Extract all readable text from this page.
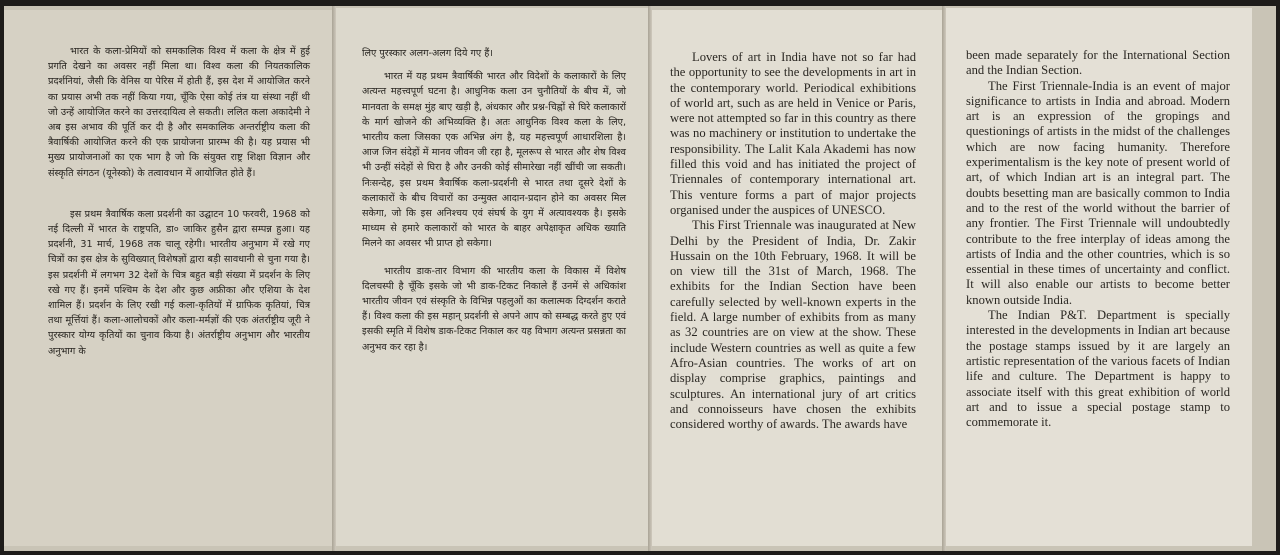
भारत के कला-प्रेमियों को समकालिक विश्व में कला के क्षेत्र में हुई प्रगति देखने का अवसर नहीं मिला था। विश्व कला की नियतकालिक प्रदर्शनियां, जैसी कि वेनिस या पेरिस में होती हैं, इस देश में आयोजित करने का प्रयास अभी तक नहीं किया गया, चूँकि ऐसा कोई तंत्र या संस्था नहीं थी जो उन्हें आयोजित करने का उत्तरदायित्व ले सकती। ललित कला अकादेमी ने अब इस अभाव की पूर्ति कर दी है और समकालिक अन्तर्राष्ट्रीय कला की त्रैवार्षिकी आयोजित करने की एक प्रायोजना प्रारम्भ की है। यह प्रयास भी मुख्य प्रायोजनाओं का एक भाग है जो कि संयुक्त राष्ट्र शिक्षा विज्ञान और संस्कृति संगठन (यूनेस्को) के तत्वावधान में आयोजित होते हैं।

इस प्रथम त्रैवार्षिक कला प्रदर्शनी का उद्घाटन 10 फरवरी, 1968 को नई दिल्ली में भारत के राष्ट्रपति, डा० जाकिर हुसैन द्वारा सम्पन्न हुआ। यह प्रदर्शनी, 31 मार्च, 1968 तक चालू रहेगी। भारतीय अनुभाग में रखे गए चित्रों का इस क्षेत्र के सुविख्यात् विशेषज्ञों द्वारा बड़ी सावधानी से चुना गया है। इस प्रदर्शनी में लगभग 32 देशों के चित्र बहुत बड़ी संख्या में प्रदर्शन के लिए रखे गए हैं। इनमें पश्चिम के देश और कुछ अफ्रीका और एशिया के देश शामिल हैं। प्रदर्शन के लिए रखी गई कला-कृतियों में ग्राफिक कृतियां, चित्र तथा मूर्त्तियां हैं। कला-आलोचकों और कला-मर्मज्ञों की एक अंतर्राष्ट्रीय जूरी ने पुरस्कार योग्य कृतियों का चुनाव किया है। अंतर्राष्ट्रीय अनुभाग और भारतीय अनुभाग के

लिए पुरस्कार अलग-अलग दिये गए हैं।

भारत में यह प्रथम त्रैवार्षिकी भारत और विदेशों के कलाकारों के लिए अत्यन्त महत्त्वपूर्ण घटना है। आधुनिक कला उन चुनौतियों के बीच में, जो मानवता के समक्ष मुंह बाए खड़ी है, अंधकार और प्रश्न-चिह्नों से घिरे कलाकारों के मार्ग खोजने की अभिव्यक्ति है। अतः आधुनिक विश्व कला के लिए, भारतीय कला जिसका एक अभिन्न अंग है, यह महत्त्वपूर्ण आधारशिला है। आज जिन संदेहों में मानव जीवन जी रहा है, मूलरूप से भारत और शेष विश्व भी उन्हीं संदेहों से घिरा है और उनकी कोई सीमारेखा नहीं खींची जा सकती। निःसन्देह, इस प्रथम त्रैवार्षिक कला-प्रदर्शनी से भारत तथा दूसरे देशों के कलाकारों के बीच विचारों का उन्मुक्त आदान-प्रदान होने का अवसर मिल सकेगा, जो कि इस अनिश्चय एवं संघर्ष के युग में अत्यावश्यक है। इसके माध्यम से हमारे कलाकारों को भारत के बाहर अपेक्षाकृत अधिक ख्याति मिलने का अवसर भी प्राप्त हो सकेगा।

भारतीय डाक-तार विभाग की भारतीय कला के विकास में विशेष दिलचस्पी है चूँकि इसके जो भी डाक-टिकट निकाले हैं उनमें से अधिकांश भारतीय जीवन एवं संस्कृति के विभिन्न पहलुओं का कलात्मक दिग्दर्शन कराते हैं। विश्व कला की इस महान् प्रदर्शनी से अपने आप को सम्बद्ध करते हुए एवं इसकी स्मृति में विशेष डाक-टिकट निकाल कर यह विभाग अत्यन्त प्रसन्नता का अनुभव कर रहा है।

Lovers of art in India have not so far had the opportunity to see the developments in art in the contemporary world. Periodical exhibitions of world art, such as are held in Venice or Paris, were not attempted so far in this country as there was no machinery or institution to undertake the responsibility. The Lalit Kala Akademi has now filled this void and has initiated the project of Triennales of contemporary international art. This venture forms a part of major projects organised under the auspices of UNESCO.

This First Triennale was inaugurated at New Delhi by the President of India, Dr. Zakir Hussain on the 10th February, 1968. It will be on view till the 31st of March, 1968. The exhibits for the Indian Section have been carefully selected by well-known experts in the field. A large number of exhibits from as many as 32 countries are on view at the show. These include Western countries as well as quite a few Afro-Asian countries. The works of art on display comprise graphics, paintings and sculptures. An international jury of art critics and connoisseurs have chosen the exhibits considered worthy of awards. The awards have

been made separately for the International Section and the Indian Section.

The First Triennale-India is an event of major significance to artists in India and abroad. Modern art is an expression of the gropings and questionings of artists in the midst of the challenges which are now facing humanity. Therefore experimentalism is the key note of present world of art, of which Indian art is an integral part. The doubts besetting man are basically common to India and to the rest of the world without the barrier of any frontier. The First Triennale will undoubtedly contribute to the free interplay of ideas among the artists of India and the other countries, which is so essential in these times of uncertainty and conflict. It will also enable our artists to become better known outside India.

The Indian P&T. Department is specially interested in the developments in Indian art because the postage stamps issued by it are largely an artistic representation of the various facets of Indian life and culture. The Department is happy to associate itself with this great exhibition of world art and to issue a special postage stamp to commemorate it.
